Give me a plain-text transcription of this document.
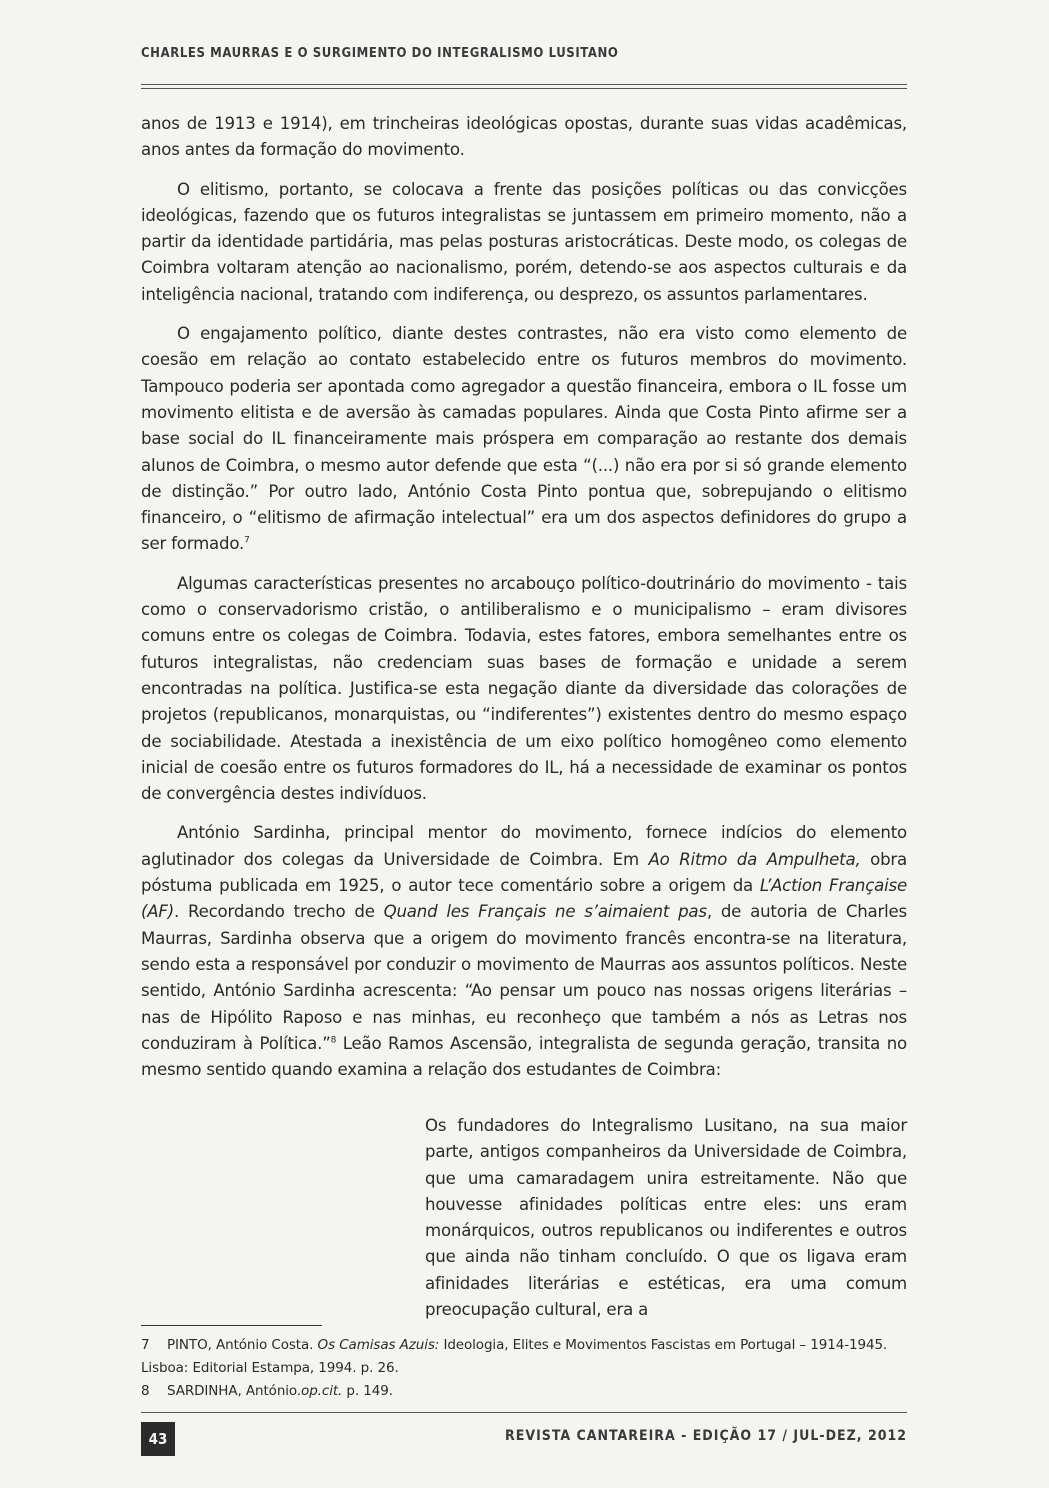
CHARLES MAURRAS E O SURGIMENTO DO INTEGRALISMO LUSITANO

anos de 1913 e 1914), em trincheiras ideológicas opostas, durante suas vidas acadêmicas, anos antes da formação do movimento.

O elitismo, portanto, se colocava a frente das posições políticas ou das convicções ideológicas, fazendo que os futuros integralistas se juntassem em primeiro momento, não a partir da identidade partidária, mas pelas posturas aristocráticas. Deste modo, os colegas de Coimbra voltaram atenção ao nacionalismo, porém, detendo-se aos aspectos culturais e da inteligência nacional, tratando com indiferença, ou desprezo, os assuntos parlamentares.

O engajamento político, diante destes contrastes, não era visto como elemento de coesão em relação ao contato estabelecido entre os futuros membros do movimento. Tampouco poderia ser apontada como agregador a questão financeira, embora o IL fosse um movimento elitista e de aversão às camadas populares. Ainda que Costa Pinto afirme ser a base social do IL financeiramente mais próspera em comparação ao restante dos demais alunos de Coimbra, o mesmo autor defende que esta “(...) não era por si só grande elemento de distinção.” Por outro lado, António Costa Pinto pontua que, sobrepujando o elitismo financeiro, o “elitismo de afirmação intelectual” era um dos aspectos definidores do grupo a ser formado.$^7$

Algumas características presentes no arcabouço político-doutrinário do movimento - tais como o conservadorismo cristão, o antiliberalismo e o municipalismo – eram divisores comuns entre os colegas de Coimbra. Todavia, estes fatores, embora semelhantes entre os futuros integralistas, não credenciam suas bases de formação e unidade a serem encontradas na política. Justifica-se esta negação diante da diversidade das colorações de projetos (republicanos, monarquistas, ou “indiferentes”) existentes dentro do mesmo espaço de sociabilidade. Atestada a inexistência de um eixo político homogêneo como elemento inicial de coesão entre os futuros formadores do IL, há a necessidade de examinar os pontos de convergência destes indivíduos.

António Sardinha, principal mentor do movimento, fornece indícios do elemento aglutinador dos colegas da Universidade de Coimbra. Em Ao Ritmo da Ampulheta, obra póstuma publicada em 1925, o autor tece comentário sobre a origem da L’Action Française (AF). Recordando trecho de Quand les Français ne s’aimaient pas, de autoria de Charles Maurras, Sardinha observa que a origem do movimento francês encontra-se na literatura, sendo esta a responsável por conduzir o movimento de Maurras aos assuntos políticos. Neste sentido, António Sardinha acrescenta: “Ao pensar um pouco nas nossas origens literárias – nas de Hipólito Raposo e nas minhas, eu reconheço que também a nós as Letras nos conduziram à Política.”$^8$ Leão Ramos Ascensão, integralista de segunda geração, transita no mesmo sentido quando examina a relação dos estudantes de Coimbra:

Os fundadores do Integralismo Lusitano, na sua maior parte, antigos companheiros da Universidade de Coimbra, que uma camaradagem unira estreitamente. Não que houvesse afinidades políticas entre eles: uns eram monárquicos, outros republicanos ou indiferentes e outros que ainda não tinham concluído. O que os ligava eram afinidades literárias e estéticas, era uma comum preocupação cultural, era a

7 PINTO, António Costa. Os Camisas Azuis: Ideologia, Elites e Movimentos Fascistas em Portugal – 1914-1945. Lisboa: Editorial Estampa, 1994. p. 26.

8 SARDINHA, António.op.cit. p. 149.

43	REVISTA CANTAREIRA - EDIÇÃO 17 / JUL-DEZ, 2012
